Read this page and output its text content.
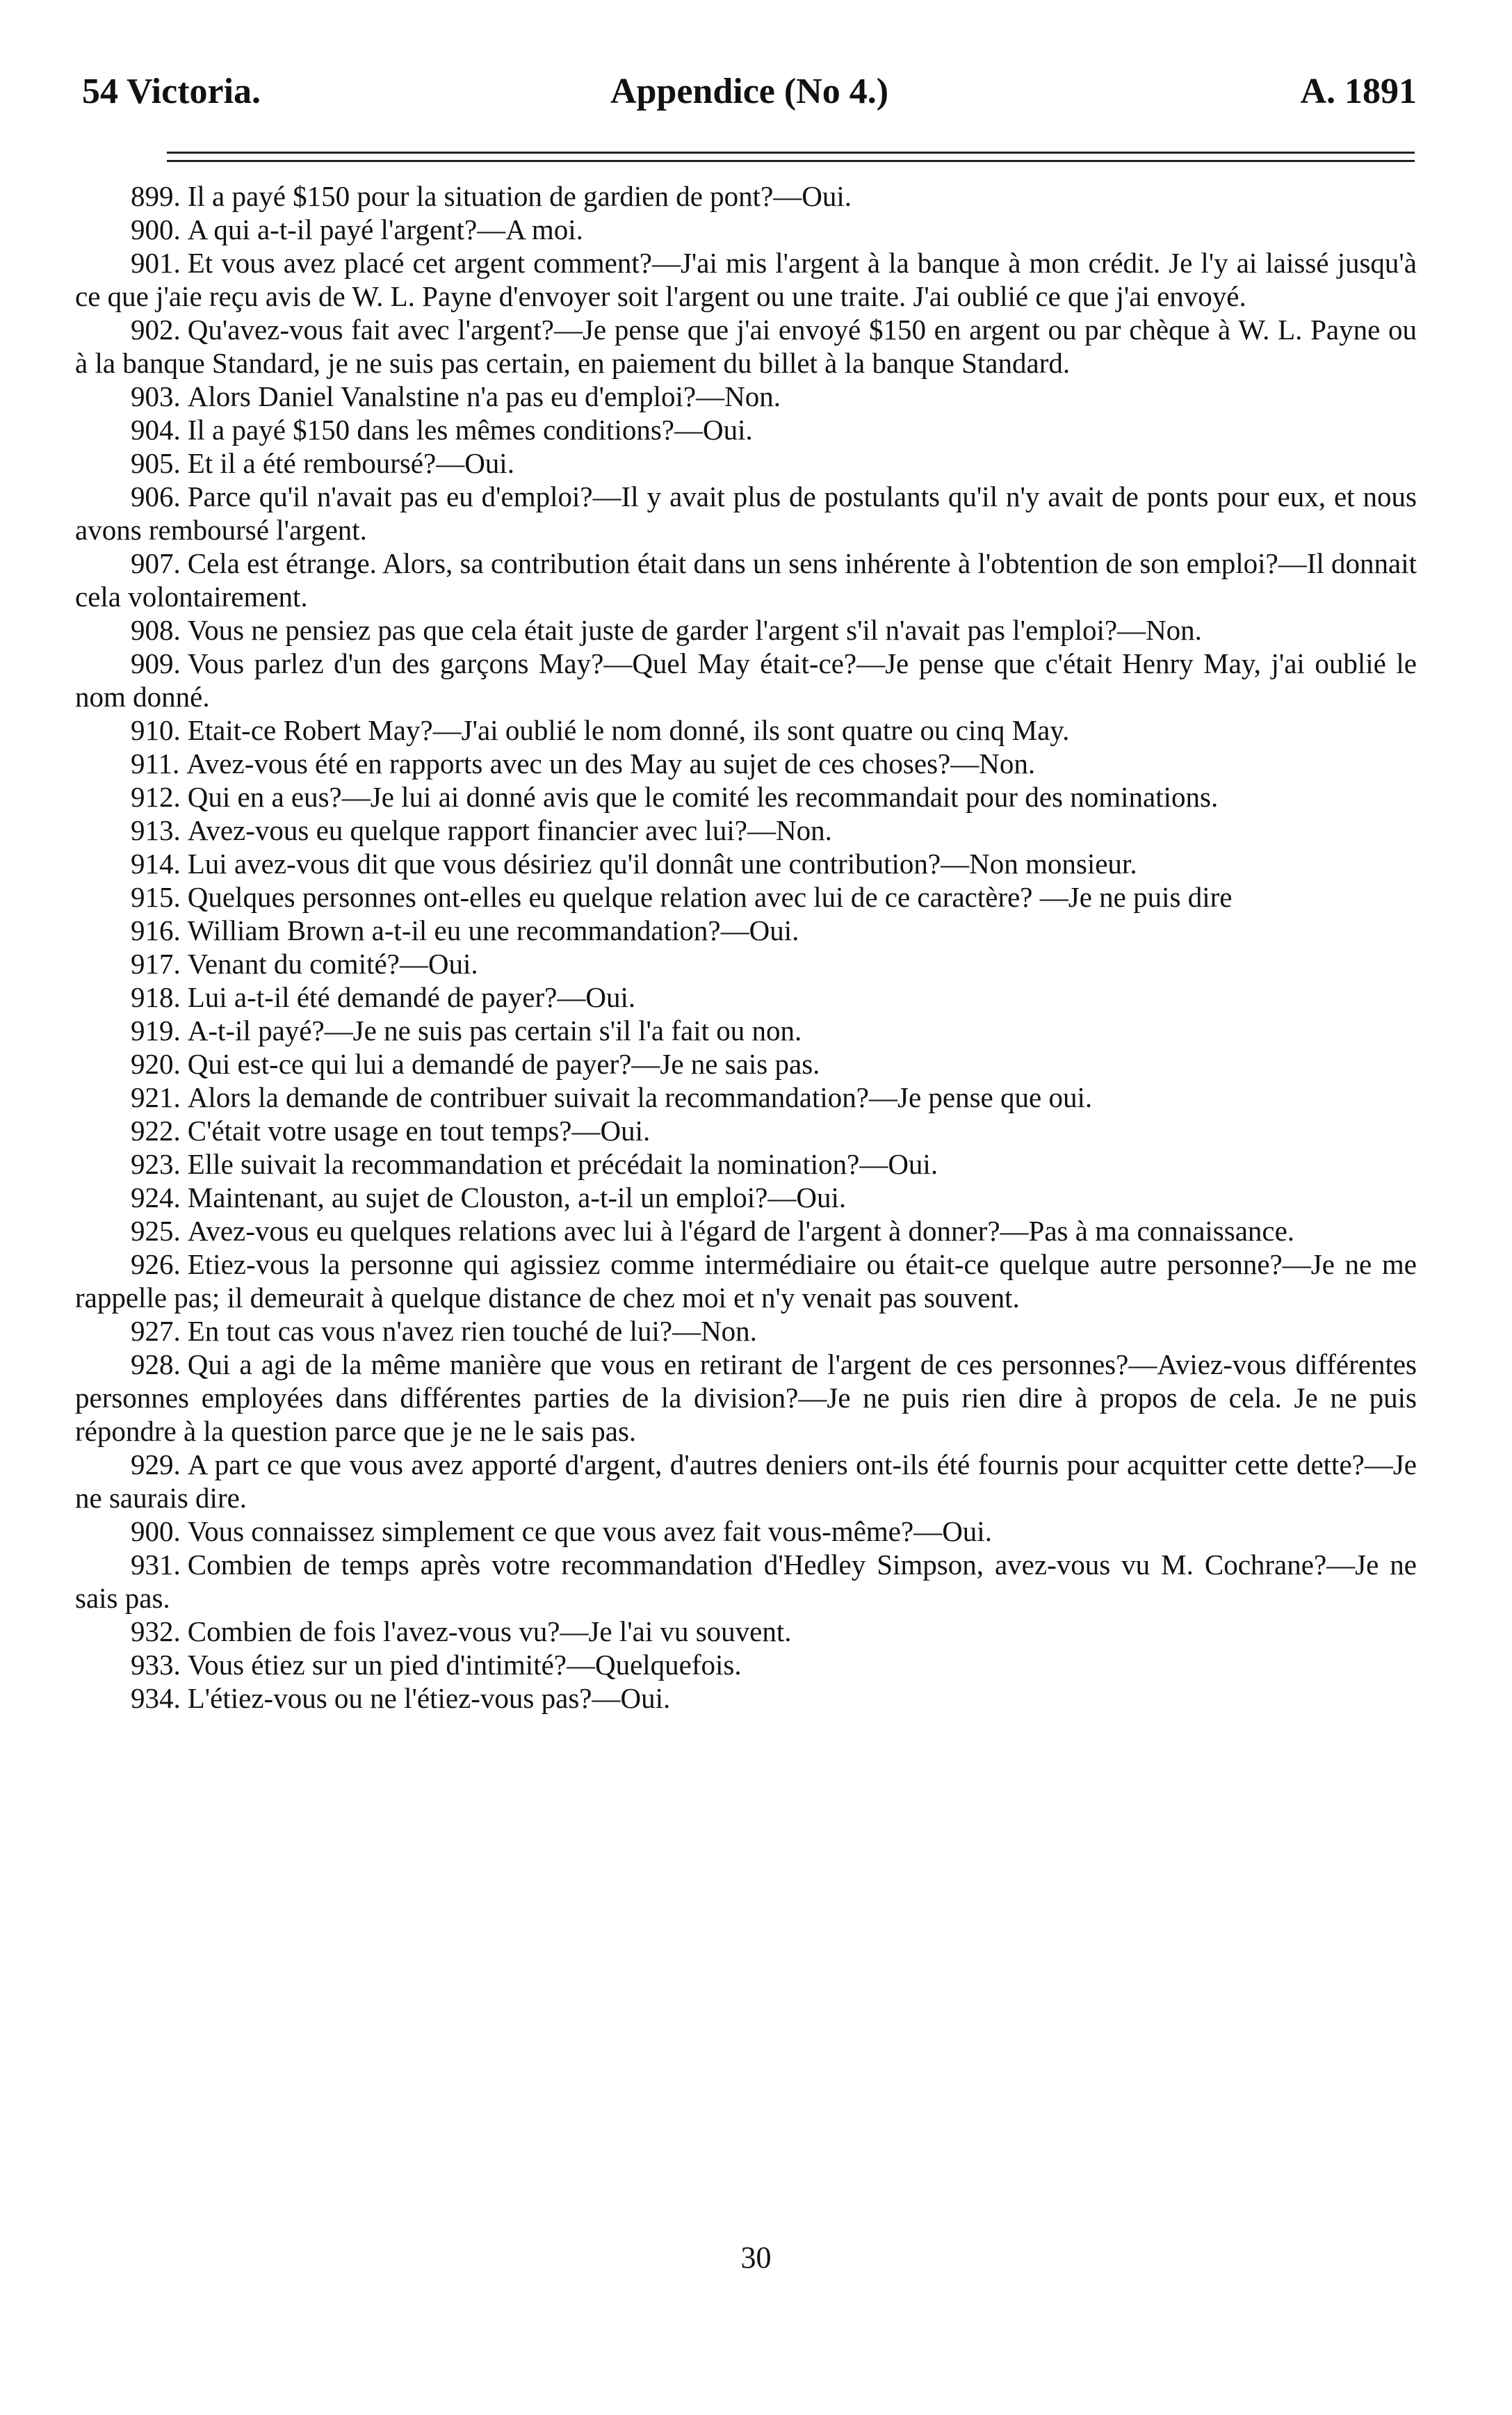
54 Victoria.	Appendice (No 4.)	A. 1891

899. Il a payé $150 pour la situation de gardien de pont?—Oui.

900. A qui a-t-il payé l'argent?—A moi.

901. Et vous avez placé cet argent comment?—J'ai mis l'argent à la banque à mon crédit. Je l'y ai laissé jusqu'à ce que j'aie reçu avis de W. L. Payne d'envoyer soit l'argent ou une traite. J'ai oublié ce que j'ai envoyé.

902. Qu'avez-vous fait avec l'argent?—Je pense que j'ai envoyé $150 en argent ou par chèque à W. L. Payne ou à la banque Standard, je ne suis pas certain, en paiement du billet à la banque Standard.

903. Alors Daniel Vanalstine n'a pas eu d'emploi?—Non.

904. Il a payé $150 dans les mêmes conditions?—Oui.

905. Et il a été remboursé?—Oui.

906. Parce qu'il n'avait pas eu d'emploi?—Il y avait plus de postulants qu'il n'y avait de ponts pour eux, et nous avons remboursé l'argent.

907. Cela est étrange. Alors, sa contribution était dans un sens inhérente à l'obtention de son emploi?—Il donnait cela volontairement.

908. Vous ne pensiez pas que cela était juste de garder l'argent s'il n'avait pas l'emploi?—Non.

909. Vous parlez d'un des garçons May?—Quel May était-ce?—Je pense que c'était Henry May, j'ai oublié le nom donné.

910. Etait-ce Robert May?—J'ai oublié le nom donné, ils sont quatre ou cinq May.

911. Avez-vous été en rapports avec un des May au sujet de ces choses?—Non.

912. Qui en a eus?—Je lui ai donné avis que le comité les recommandait pour des nominations.

913. Avez-vous eu quelque rapport financier avec lui?—Non.

914. Lui avez-vous dit que vous désiriez qu'il donnât une contribution?—Non monsieur.

915. Quelques personnes ont-elles eu quelque relation avec lui de ce caractère? —Je ne puis dire

916. William Brown a-t-il eu une recommandation?—Oui.

917. Venant du comité?—Oui.

918. Lui a-t-il été demandé de payer?—Oui.

919. A-t-il payé?—Je ne suis pas certain s'il l'a fait ou non.

920. Qui est-ce qui lui a demandé de payer?—Je ne sais pas.

921. Alors la demande de contribuer suivait la recommandation?—Je pense que oui.

922. C'était votre usage en tout temps?—Oui.

923. Elle suivait la recommandation et précédait la nomination?—Oui.

924. Maintenant, au sujet de Clouston, a-t-il un emploi?—Oui.

925. Avez-vous eu quelques relations avec lui à l'égard de l'argent à donner?—Pas à ma connaissance.

926. Etiez-vous la personne qui agissiez comme intermédiaire ou était-ce quelque autre personne?—Je ne me rappelle pas; il demeurait à quelque distance de chez moi et n'y venait pas souvent.

927. En tout cas vous n'avez rien touché de lui?—Non.

928. Qui a agi de la même manière que vous en retirant de l'argent de ces personnes?—Aviez-vous différentes personnes employées dans différentes parties de la division?—Je ne puis rien dire à propos de cela. Je ne puis répondre à la question parce que je ne le sais pas.

929. A part ce que vous avez apporté d'argent, d'autres deniers ont-ils été fournis pour acquitter cette dette?—Je ne saurais dire.

900. Vous connaissez simplement ce que vous avez fait vous-même?—Oui.

931. Combien de temps après votre recommandation d'Hedley Simpson, avez-vous vu M. Cochrane?—Je ne sais pas.

932. Combien de fois l'avez-vous vu?—Je l'ai vu souvent.

933. Vous étiez sur un pied d'intimité?—Quelquefois.

934. L'étiez-vous ou ne l'étiez-vous pas?—Oui.

30
